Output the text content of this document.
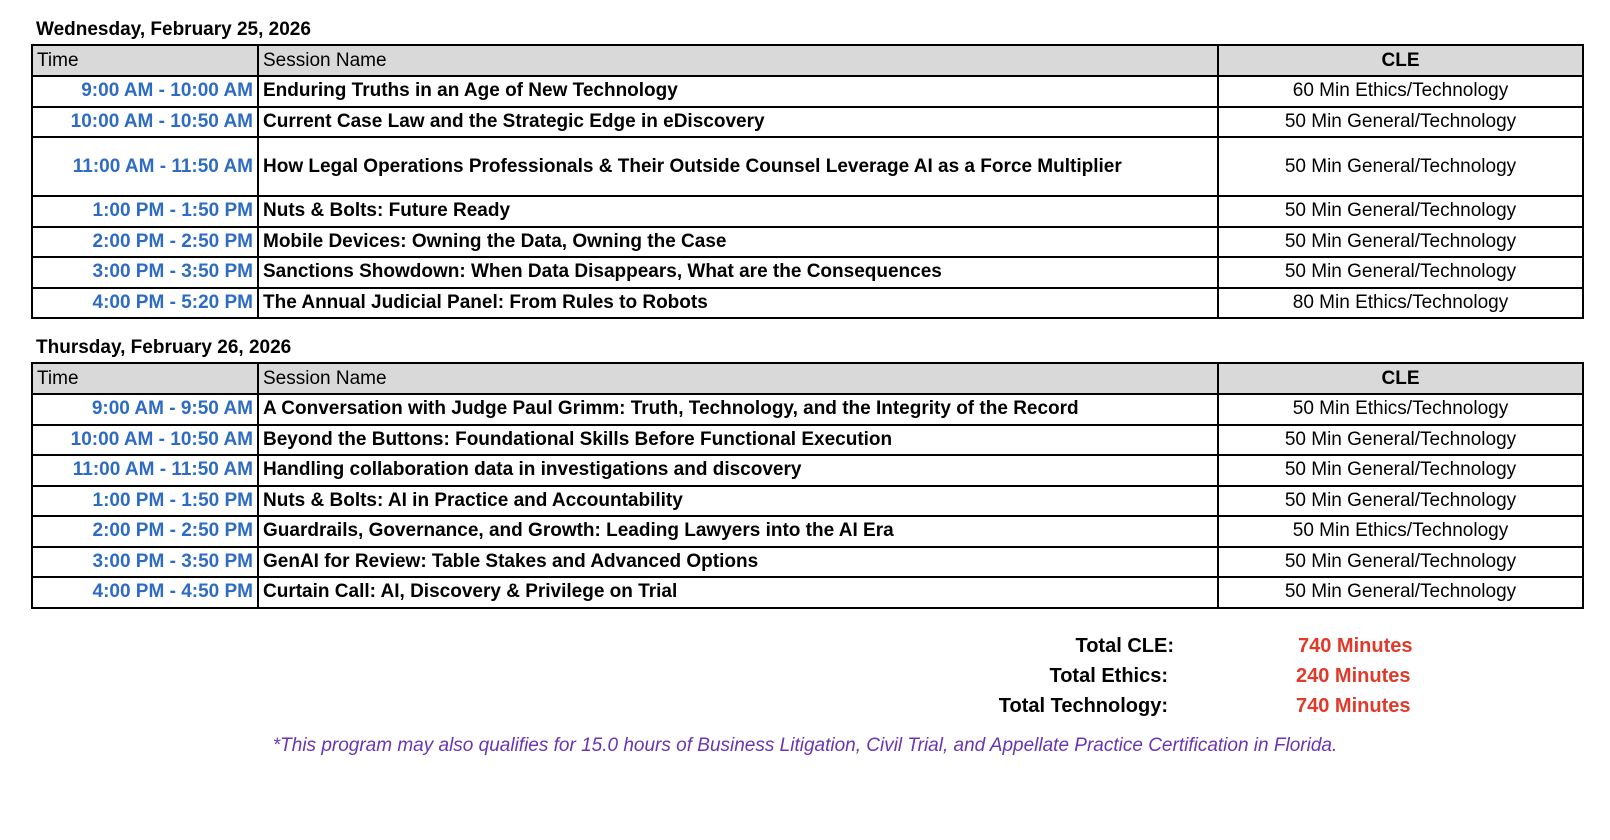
Wednesday, February 25, 2026
Time	Session Name	CLE
9:00 AM - 10:00 AM	Enduring Truths in an Age of New Technology	60 Min Ethics/Technology
10:00 AM - 10:50 AM	Current Case Law and the Strategic Edge in eDiscovery	50 Min General/Technology
11:00 AM - 11:50 AM	How Legal Operations Professionals & Their Outside Counsel Leverage AI as a Force Multiplier	50 Min General/Technology
1:00 PM - 1:50 PM	Nuts & Bolts: Future Ready	50 Min General/Technology
2:00 PM - 2:50 PM	Mobile Devices: Owning the Data, Owning the Case	50 Min General/Technology
3:00 PM - 3:50 PM	Sanctions Showdown: When Data Disappears, What are the Consequences	50 Min General/Technology
4:00 PM - 5:20 PM	The Annual Judicial Panel: From Rules to Robots	80 Min Ethics/Technology
Thursday, February 26, 2026
Time	Session Name	CLE
9:00 AM - 9:50 AM	A Conversation with Judge Paul Grimm: Truth, Technology, and the Integrity of the Record	50 Min Ethics/Technology
10:00 AM - 10:50 AM	Beyond the Buttons: Foundational Skills Before Functional Execution	50 Min General/Technology
11:00 AM - 11:50 AM	Handling collaboration data in investigations and discovery	50 Min General/Technology
1:00 PM - 1:50 PM	Nuts & Bolts: AI in Practice and Accountability	50 Min General/Technology
2:00 PM - 2:50 PM	Guardrails, Governance, and Growth: Leading Lawyers into the AI Era	50 Min Ethics/Technology
3:00 PM - 3:50 PM	GenAI for Review: Table Stakes and Advanced Options	50 Min General/Technology
4:00 PM - 4:50 PM	Curtain Call: AI, Discovery & Privilege on Trial	50 Min General/Technology
Total CLE:	740 Minutes
Total Ethics:	240 Minutes
Total Technology:	740 Minutes
*This program may also qualifies for 15.0 hours of Business Litigation, Civil Trial, and Appellate Practice Certification in Florida.
